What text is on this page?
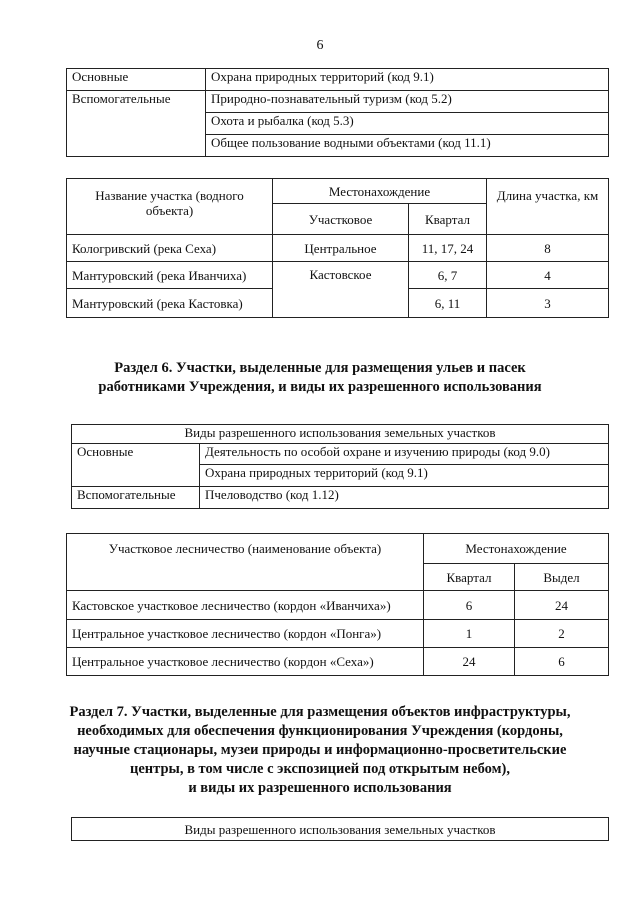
6
Основные	Охрана природных территорий (код 9.1)
Вспомогательные	Природно-познавательный туризм (код 5.2)
	Охота и рыбалка (код 5.3)
	Общее пользование водными объектами (код 11.1)
Название участка (водного объекта)	Местонахождение		Длина участка, км
	Участковое	Квартал	
Кологривский (река Сеха)	Центральное	11, 17, 24	8
Мантуровский (река Иванчиха)	Кастовское	6, 7	4
Мантуровский (река Кастовка)		6, 11	3
Раздел 6. Участки, выделенные для размещения ульев и пасек
работниками Учреждения, и виды их разрешенного использования
Виды разрешенного использования земельных участков	
Основные	Деятельность по особой охране и изучению природы (код 9.0)
	Охрана природных территорий (код 9.1)
Вспомогательные	Пчеловодство (код 1.12)
Участковое лесничество (наименование объекта)	Местонахождение	
	Квартал	Выдел
Кастовское участковое лесничество (кордон «Иванчиха»)	6	24
Центральное участковое лесничество (кордон «Понга»)	1	2
Центральное участковое лесничество (кордон «Сеха»)	24	6
Раздел 7. Участки, выделенные для размещения объектов инфраструктуры,
необходимых для обеспечения функционирования Учреждения (кордоны,
научные стационары, музеи природы и информационно-просветительские
центры, в том числе с экспозицией под открытым небом),
и виды их разрешенного использования
Виды разрешенного использования земельных участков
